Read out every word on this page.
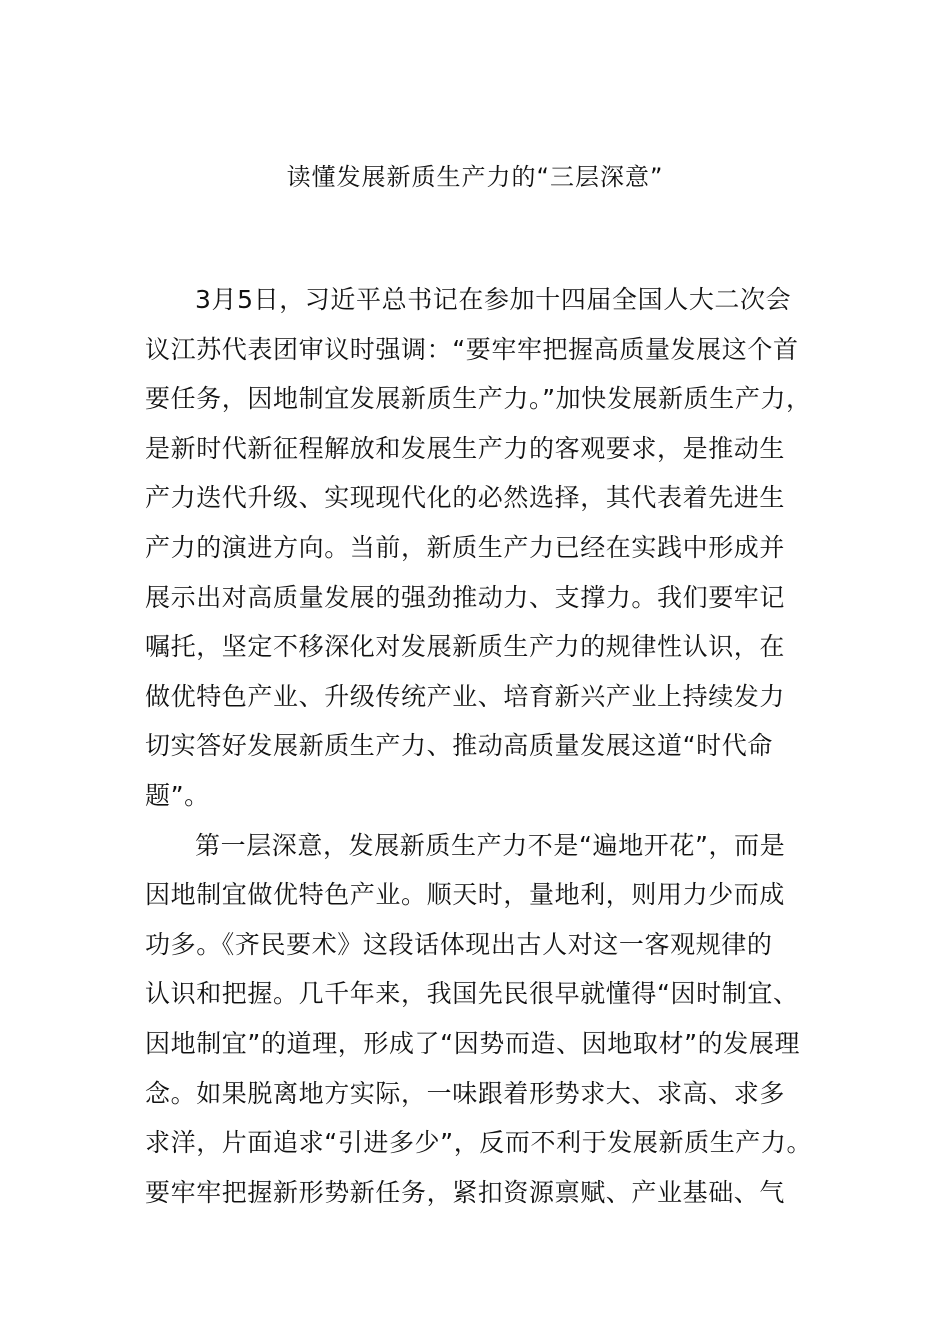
读懂发展新质生产力的“三层深意”
3月5日，习近平总书记在参加十四届全国人大二次会
议江苏代表团审议时强调：“要牢牢把握高质量发展这个首
要任务，因地制宜发展新质生产力。”加快发展新质生产力，
是新时代新征程解放和发展生产力的客观要求，是推动生
产力迭代升级、实现现代化的必然选择，其代表着先进生
产力的演进方向。当前，新质生产力已经在实践中形成并
展示出对高质量发展的强劲推动力、支撑力。我们要牢记
嘱托，坚定不移深化对发展新质生产力的规律性认识，在
做优特色产业、升级传统产业、培育新兴产业上持续发力
切实答好发展新质生产力、推动高质量发展这道“时代命
题”。
第一层深意，发展新质生产力不是“遍地开花”，而是
因地制宜做优特色产业。顺天时，量地利，则用力少而成
功多。《齐民要术》这段话体现出古人对这一客观规律的
认识和把握。几千年来，我国先民很早就懂得“因时制宜、
因地制宜”的道理，形成了“因势而造、因地取材”的发展理
念。如果脱离地方实际，一味跟着形势求大、求高、求多
求洋，片面追求“引进多少”，反而不利于发展新质生产力。
要牢牢把握新形势新任务，紧扣资源禀赋、产业基础、气
